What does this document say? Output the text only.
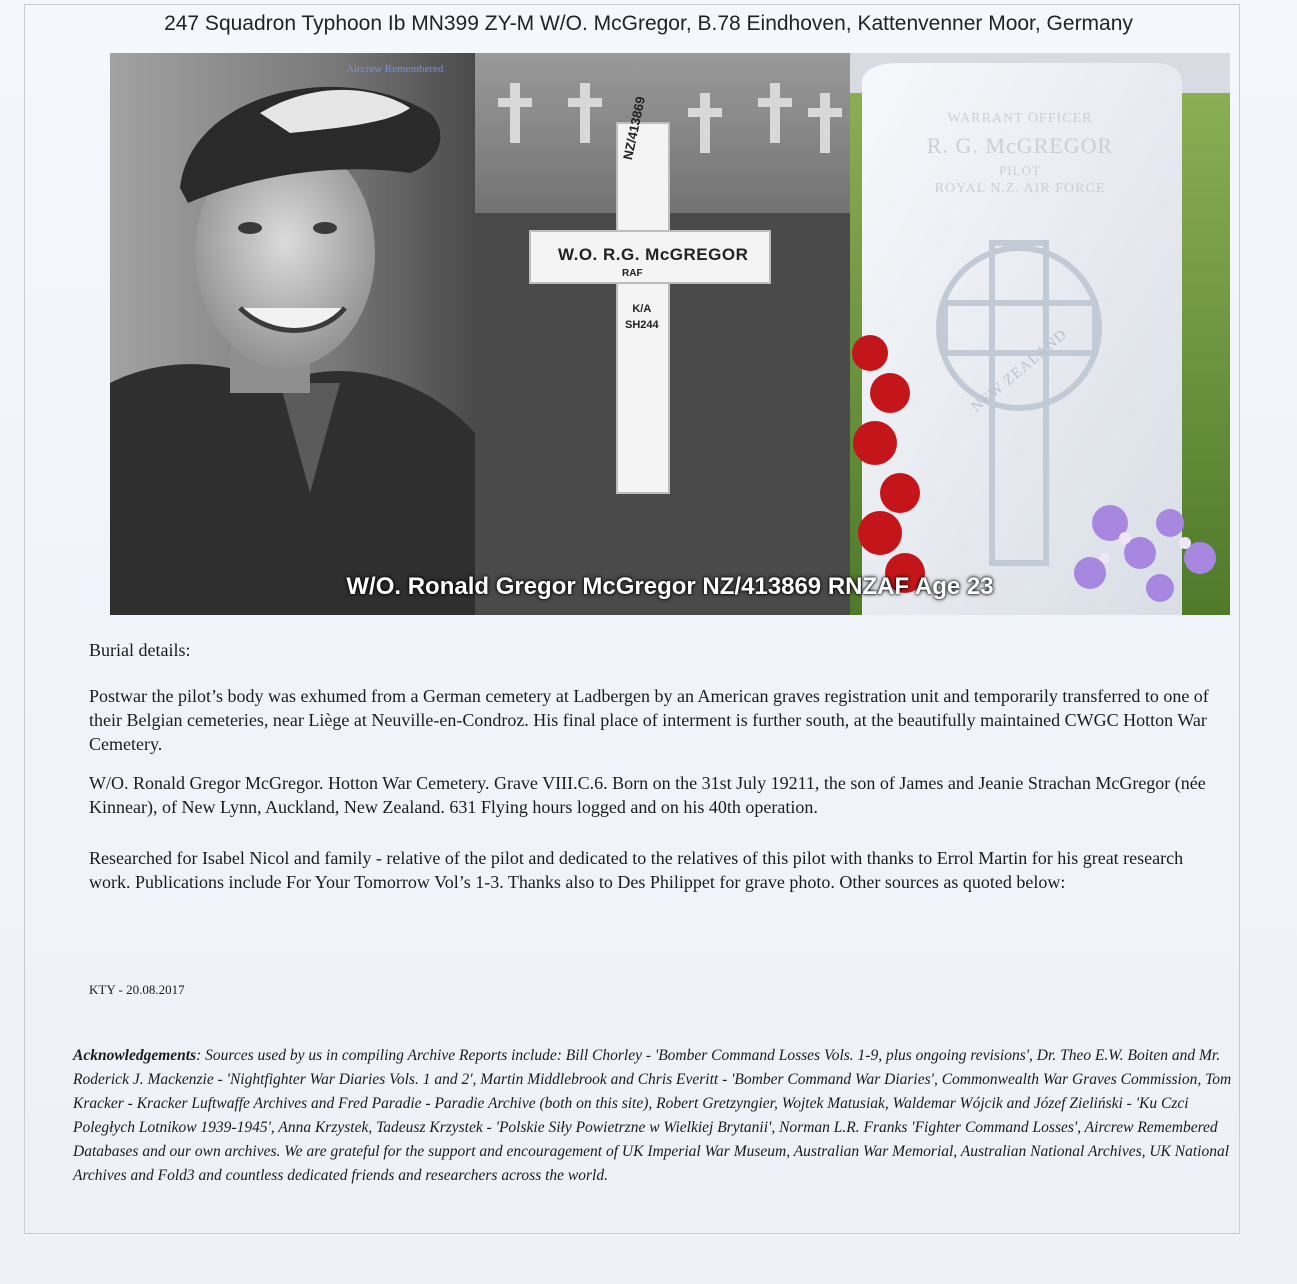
247 Squadron Typhoon Ib MN399 ZY-M W/O. McGregor, B.78 Eindhoven, Kattenvenner Moor, Germany
Aircrew Remembered
NZ/413869
W.O. R.G. McGREGOR
RAF
K/A
SH244
WARRANT OFFICER
R. G. McGREGOR
PILOT
ROYAL N.Z. AIR FORCE
NEW ZEALAND
W/O. Ronald Gregor McGregor NZ/413869 RNZAF Age 23
Burial details:
Postwar the pilot’s body was exhumed from a German cemetery at Ladbergen by an American graves registration unit and temporarily transferred to one of their Belgian cemeteries, near Liège at Neuville-en-Condroz. His final place of interment is further south, at the beautifully maintained CWGC Hotton War Cemetery.
W/O. Ronald Gregor McGregor. Hotton War Cemetery. Grave VIII.C.6. Born on the 31st July 19211, the son of James and Jeanie Strachan McGregor (née Kinnear), of New Lynn, Auckland, New Zealand. 631 Flying hours logged and on his 40th operation.
Researched for Isabel Nicol and family - relative of the pilot and dedicated to the relatives of this pilot with thanks to Errol Martin for his great research work. Publications include For Your Tomorrow Vol’s 1-3. Thanks also to Des Philippet for grave photo. Other sources as quoted below:
KTY - 20.08.2017
Acknowledgements: Sources used by us in compiling Archive Reports include: Bill Chorley - 'Bomber Command Losses Vols. 1-9, plus ongoing revisions', Dr. Theo E.W. Boiten and Mr. Roderick J. Mackenzie - 'Nightfighter War Diaries Vols. 1 and 2', Martin Middlebrook and Chris Everitt - 'Bomber Command War Diaries', Commonwealth War Graves Commission, Tom Kracker - Kracker Luftwaffe Archives and Fred Paradie - Paradie Archive (both on this site), Robert Gretzyngier, Wojtek Matusiak, Waldemar Wójcik and Józef Zieliński - 'Ku Czci Poległych Lotnikow 1939-1945', Anna Krzystek, Tadeusz Krzystek - 'Polskie Siły Powietrzne w Wielkiej Brytanii', Norman L.R. Franks 'Fighter Command Losses', Aircrew Remembered Databases and our own archives. We are grateful for the support and encouragement of UK Imperial War Museum, Australian War Memorial, Australian National Archives, UK National Archives and Fold3 and countless dedicated friends and researchers across the world.
